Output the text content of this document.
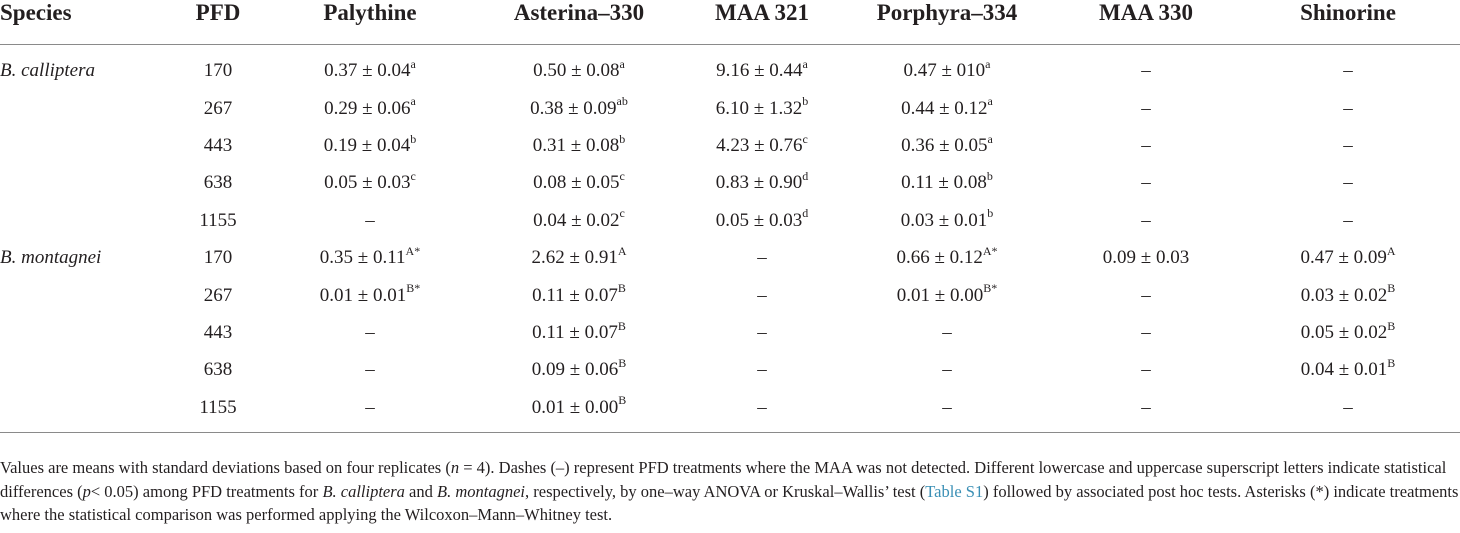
Species	PFD	Palythine	Asterina–330	MAA 321	Porphyra–334	MAA 330	Shinorine
B. calliptera	170	0.37 ± 0.04$^a$	0.50 ± 0.08$^a$	9.16 ± 0.44$^a$	$0.47 \pm 010^a$	–	–
	267	0.29 ± 0.06$^a$	0.38 ± 0.09$^{ab}$	6.10 ± 1.32$^b$	0.44 ± 0.12$^a$	–	–
	443	0.19 ± 0.04$^b$	0.31 ± 0.08$^b$	4.23 ± 0.76$^c$	0.36 ± 0.05$^a$	–	–
	638	0.05 ± 0.03$^c$	0.08 ± 0.05$^c$	0.83 ± 0.90$^d$	0.11 ± 0.08$^b$	–	–
	1155	–	0.04 ± 0.02$^c$	0.05 ± 0.03$^d$	0.03 ± 0.01$^b$	–	–
B. montagnei	170	$0.35 \pm 0.11^{A*}$	$2.62 \pm 0.91^A$	–	$0.66 \pm 0.12^{A*}$	0.09 ± 0.03	$0.47 \pm 0.09^A$
	267	$0.01 \pm 0.01^{B*}$	$0.11 \pm 0.07^B$	–	$0.01 \pm 0.00^{B*}$	–	$0.03 \pm 0.02^B$
	443	–	$0.11 \pm 0.07^B$	–	–	–	$0.05 \pm 0.02^B$
	638	–	$0.09 \pm 0.06^B$	–	–	–	$0.04 \pm 0.01^B$
	1155	–	$0.01 \pm 0.00^B$	–	–	–	–

Values are means with standard deviations based on four replicates (n = 4). Dashes (–) represent PFD treatments where the MAA was not detected. Different lowercase and uppercase superscript letters indicate statistical differences (p< 0.05) among PFD treatments for B. calliptera and B. montagnei, respectively, by one–way ANOVA or Kruskal–Wallis’ test (Table S1) followed by associated post hoc tests. Asterisks (*) indicate treatments where the statistical comparison was performed applying the Wilcoxon–Mann–Whitney test.
